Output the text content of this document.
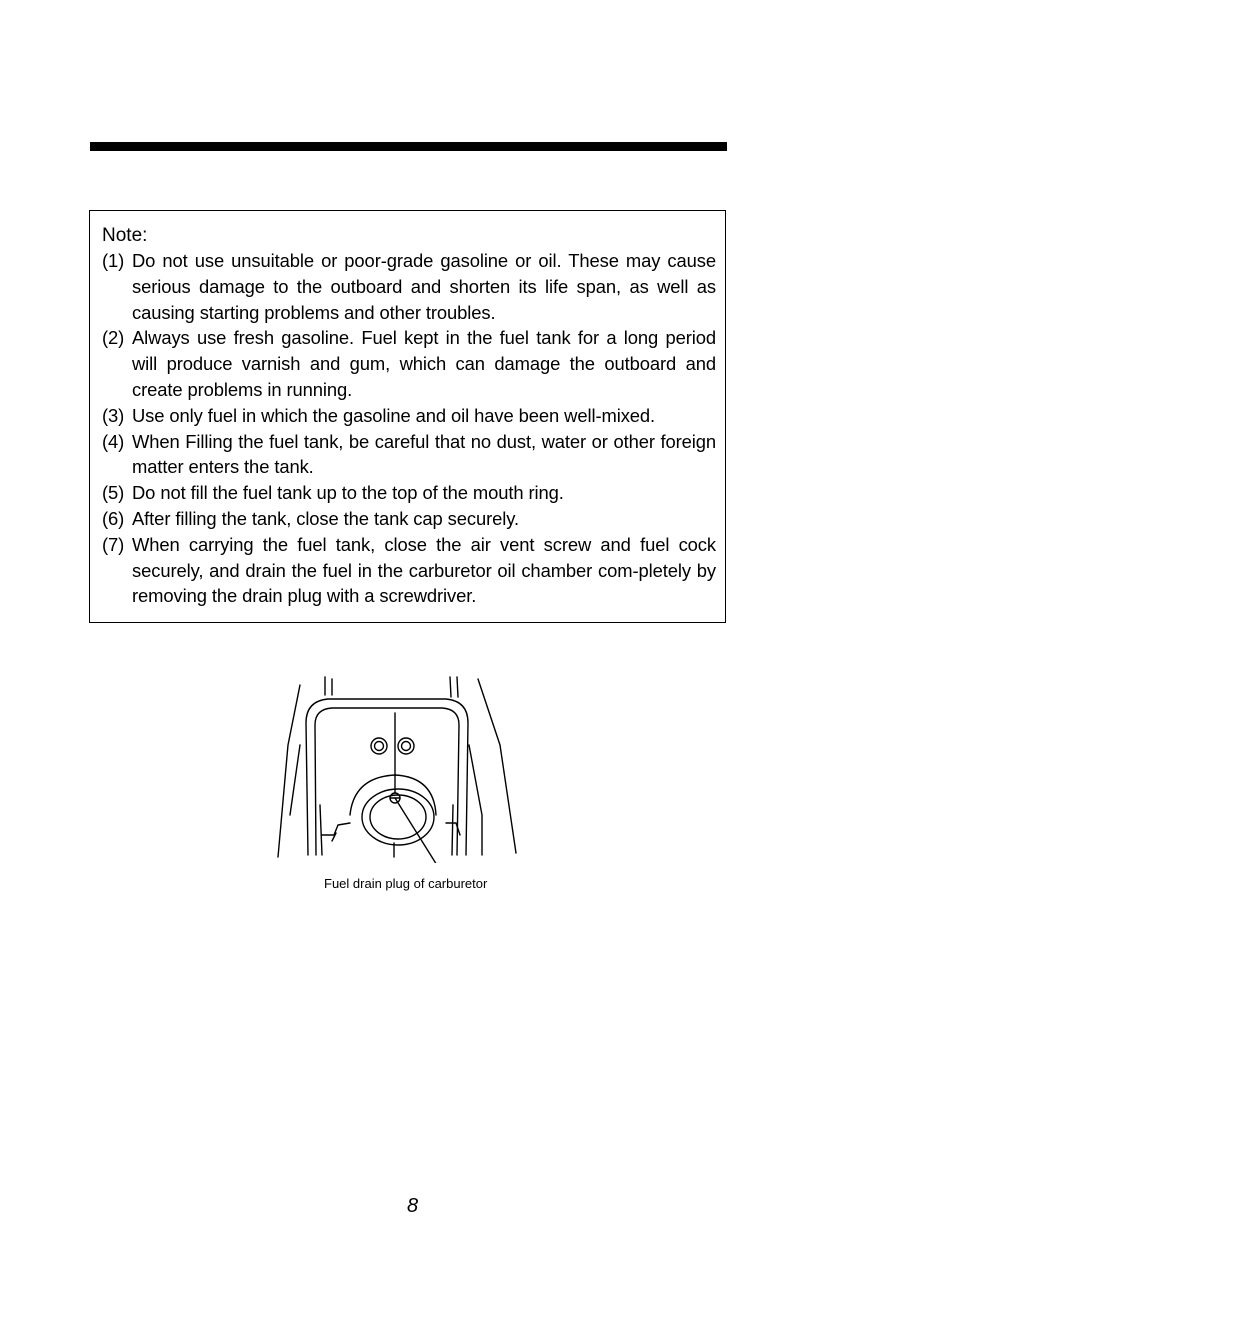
Note:
(1) Do not use unsuitable or poor-grade gasoline or oil. These may cause serious damage to the outboard and shorten its life span, as well as causing starting problems and other troubles.
(2) Always use fresh gasoline. Fuel kept in the fuel tank for a long period will produce varnish and gum, which can damage the outboard and create problems in running.
(3) Use only fuel in which the gasoline and oil have been well-mixed.
(4) When Filling the fuel tank, be careful that no dust, water or other foreign matter enters the tank.
(5) Do not fill the fuel tank up to the top of the mouth ring.
(6) After filling the tank, close the tank cap securely.
(7) When carrying the fuel tank, close the air vent screw and fuel cock securely, and drain the fuel in the carburetor oil chamber com-pletely by removing the drain plug with a screwdriver.
Fuel drain plug of carburetor
8
